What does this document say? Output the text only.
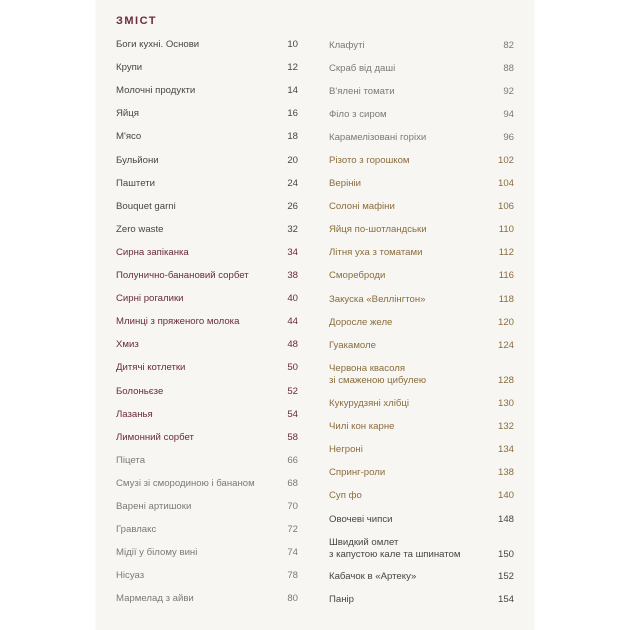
ЗМІСТ
Боги кухні. Основи	10
Крупи	12
Молочні продукти	14
Яйця	16
М'ясо	18
Бульйони	20
Паштети	24
Bouquet garni	26
Zero waste	32
Сирна запіканка	34
Полунично-банановий сорбет	38
Сирні рогалики	40
Млинці з пряженого молока	44
Хмиз	48
Дитячі котлетки	50
Болоньєзе	52
Лазанья	54
Лимонний сорбет	58
Піцета	66
Смузі зі смородиною і бананом	68
Варені артишоки	70
Гравлакс	72
Мідії у білому вині	74
Нісуаз	78
Мармелад з айви	80
Клафуті	82
Скраб від даші	88
В'ялені томати	92
Філо з сиром	94
Карамелізовані горіхи	96
Різото з горошком	102
Верініи	104
Солоні мафіни	106
Яйця по-шотландськи	110
Літня уха з томатами	112
Смореброди	116
Закуска «Веллінгтон»	118
Доросле желе	120
Гуакамоле	124
Червона квасоля
зі смаженою цибулею	128
Кукурудзяні хлібці	130
Чилі кон карне	132
Негроні	134
Спринг-роли	138
Суп фо	140
Овочеві чипси	148
Швидкий омлет
з капустою кале та шпинатом	150
Кабачок в «Артеку»	152
Панір	154
